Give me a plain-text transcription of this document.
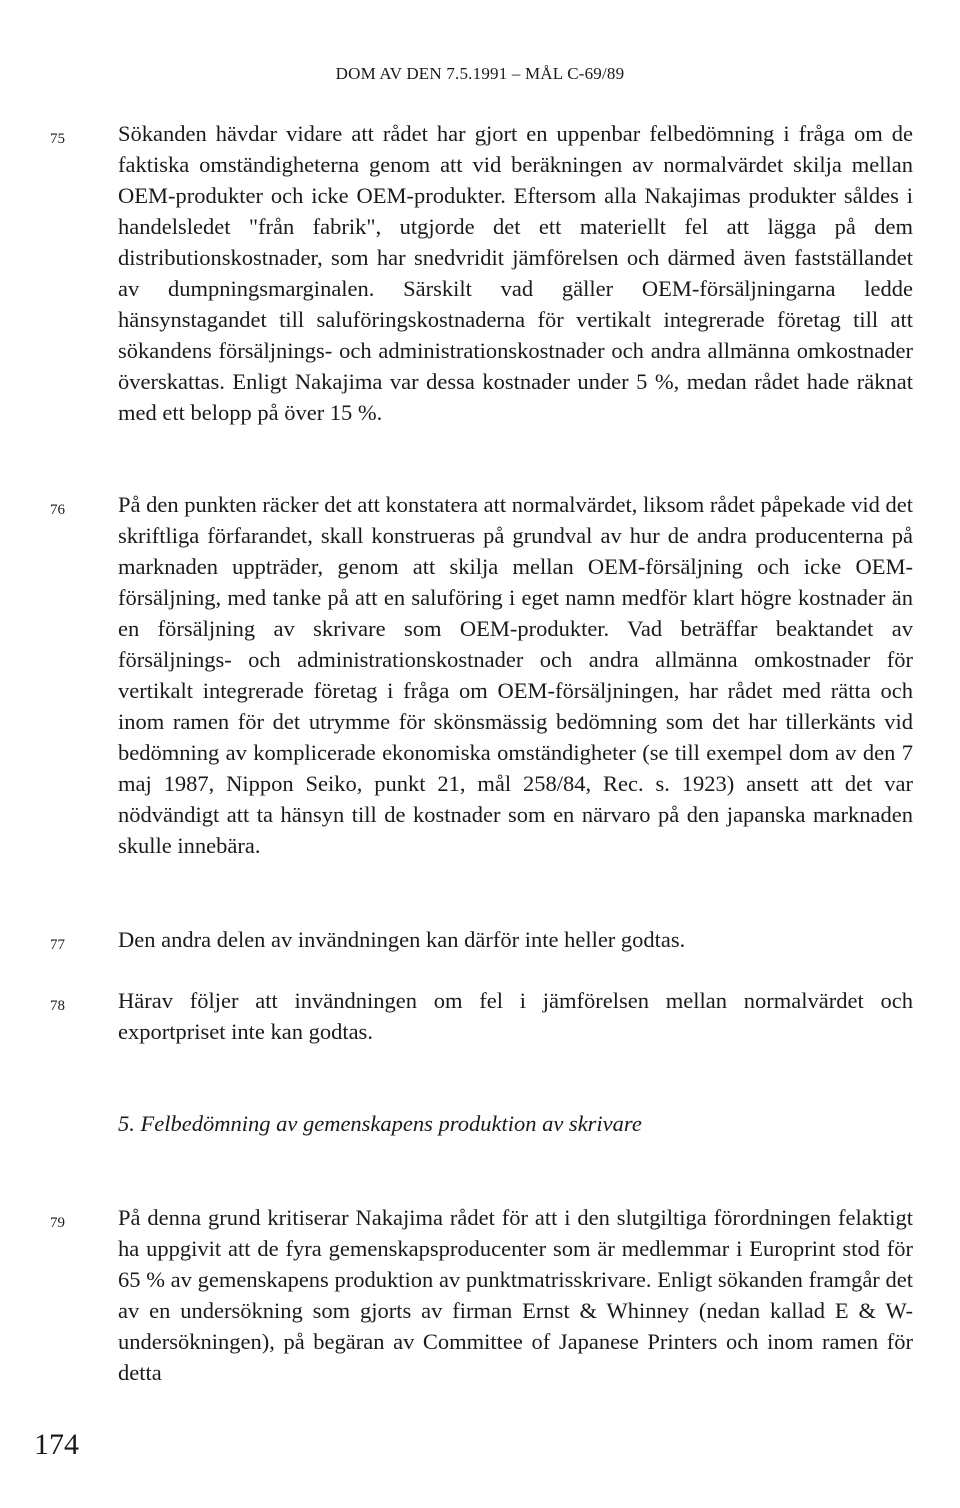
DOM AV DEN 7.5.1991 – MÅL C-69/89
75	Sökanden hävdar vidare att rådet har gjort en uppenbar felbedömning i fråga om de faktiska omständigheterna genom att vid beräkningen av normalvärdet skilja mellan OEM-produkter och icke OEM-produkter. Eftersom alla Nakajimas produkter såldes i handelsledet "från fabrik", utgjorde det ett materiellt fel att lägga på dem distributionskostnader, som har snedvridit jämförelsen och därmed även fastställandet av dumpningsmarginalen. Särskilt vad gäller OEM-försäljningarna ledde hänsynstagandet till saluföringskostnaderna för vertikalt integrerade företag till att sökandens försäljnings- och administrationskostnader och andra allmänna omkostnader överskattas. Enligt Nakajima var dessa kostnader under 5 %, medan rådet hade räknat med ett belopp på över 15 %.
76	På den punkten räcker det att konstatera att normalvärdet, liksom rådet påpekade vid det skriftliga förfarandet, skall konstrueras på grundval av hur de andra producenterna på marknaden uppträder, genom att skilja mellan OEM-försäljning och icke OEM-försäljning, med tanke på att en saluföring i eget namn medför klart högre kostnader än en försäljning av skrivare som OEM-produkter. Vad beträffar beaktandet av försäljnings- och administrationskostnader och andra allmänna omkostnader för vertikalt integrerade företag i fråga om OEM-försäljningen, har rådet med rätta och inom ramen för det utrymme för skönsmässig bedömning som det har tillerkänts vid bedömning av komplicerade ekonomiska omständigheter (se till exempel dom av den 7 maj 1987, Nippon Seiko, punkt 21, mål 258/84, Rec. s. 1923) ansett att det var nödvändigt att ta hänsyn till de kostnader som en närvaro på den japanska marknaden skulle innebära.
77	Den andra delen av invändningen kan därför inte heller godtas.
78	Härav följer att invändningen om fel i jämförelsen mellan normalvärdet och exportpriset inte kan godtas.
5. Felbedömning av gemenskapens produktion av skrivare
79	På denna grund kritiserar Nakajima rådet för att i den slutgiltiga förordningen felaktigt ha uppgivit att de fyra gemenskapsproducenter som är medlemmar i Europrint stod för 65 % av gemenskapens produktion av punktmatrisskrivare. Enligt sökanden framgår det av en undersökning som gjorts av firman Ernst & Whinney (nedan kallad E & W-undersökningen), på begäran av Committee of Japanese Printers och inom ramen för detta
174
